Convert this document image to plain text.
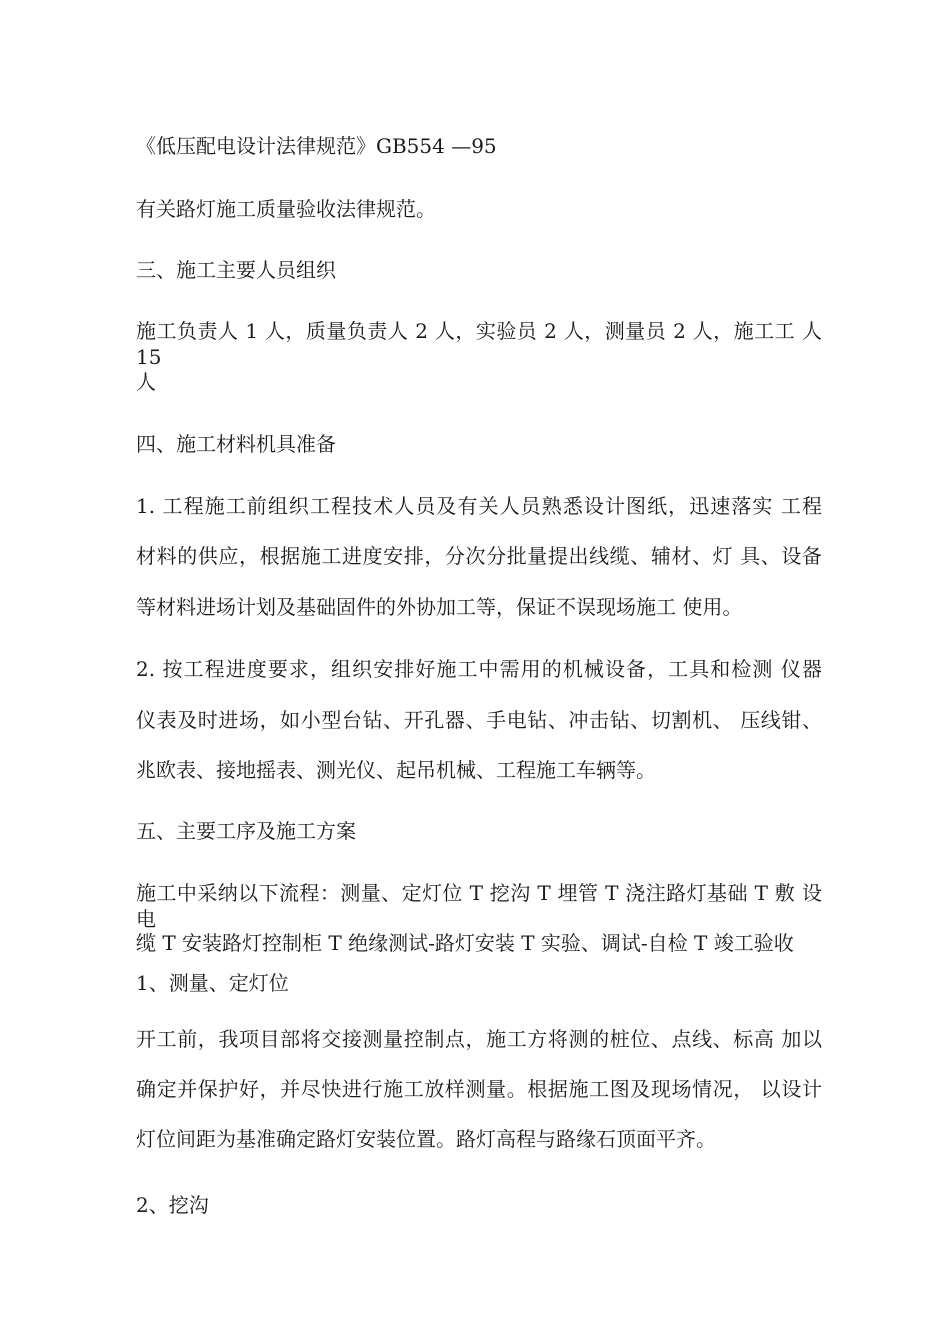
《低压配电设计法律规范》GB554 —95
有关路灯施工质量验收法律规范。
三、施工主要人员组织
施工负责人 1 人，质量负责人 2 人，实验员 2 人，测量员 2 人，施工工 人 15
人
四、施工材料机具准备
1. 工程施工前组织工程技术人员及有关人员熟悉设计图纸，迅速落实 工程
材料的供应，根据施工进度安排，分次分批量提出线缆、辅材、灯 具、设备
等材料进场计划及基础固件的外协加工等，保证不误现场施工 使用。
2. 按工程进度要求，组织安排好施工中需用的机械设备，工具和检测 仪器
仪表及时进场，如小型台钻、开孔器、手电钻、冲击钻、切割机、 压线钳、
兆欧表、接地摇表、测光仪、起吊机械、工程施工车辆等。
五、主要工序及施工方案
施工中采纳以下流程：测量、定灯位 T 挖沟 T 埋管 T 浇注路灯基础 T 敷 设电
缆 T 安装路灯控制柜 T 绝缘测试-路灯安装 T 实验、调试-自检 T 竣工验收
1、测量、定灯位
开工前，我项目部将交接测量控制点，施工方将测的桩位、点线、标高 加以
确定并保护好，并尽快进行施工放样测量。根据施工图及现场情况， 以设计
灯位间距为基准确定路灯安装位置。路灯高程与路缘石顶面平齐。
2、挖沟
